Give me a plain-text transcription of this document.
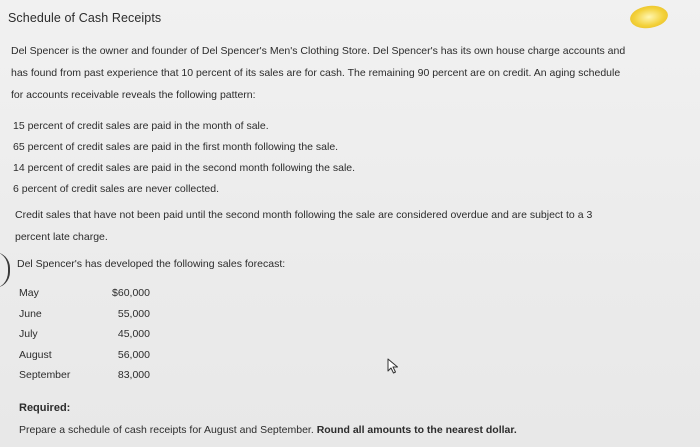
Schedule of Cash Receipts
Del Spencer is the owner and founder of Del Spencer's Men's Clothing Store. Del Spencer's has its own house charge accounts and
has found from past experience that 10 percent of its sales are for cash. The remaining 90 percent are on credit. An aging schedule
for accounts receivable reveals the following pattern:
15 percent of credit sales are paid in the month of sale.
65 percent of credit sales are paid in the first month following the sale.
14 percent of credit sales are paid in the second month following the sale.
6 percent of credit sales are never collected.
Credit sales that have not been paid until the second month following the sale are considered overdue and are subject to a 3
percent late charge.
Del Spencer's has developed the following sales forecast:
May	$60,000
June	55,000
July	45,000
August	56,000
September	83,000
Required:
Prepare a schedule of cash receipts for August and September. Round all amounts to the nearest dollar.
